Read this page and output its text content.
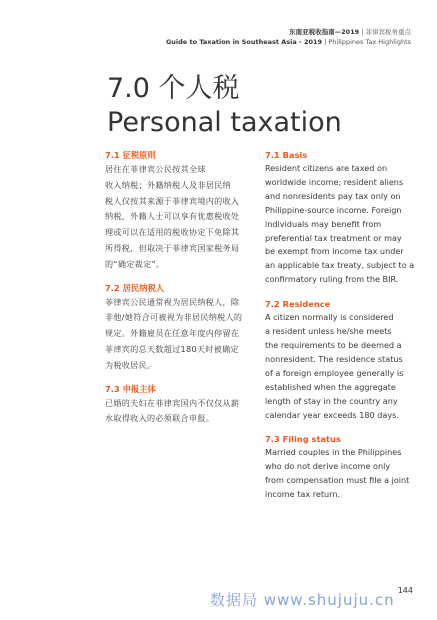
东南亚税收指南—2019 | 菲律宾税务重点
Guide to Taxation in Southeast Asia - 2019 | Philippines Tax Highlights
7.0 个人税
Personal taxation
7.1 征税原则
居住在菲律宾公民按其全球
收入纳税；外籍纳税人及非居民纳
税人仅按其来源于菲律宾境内的收入
纳税，外籍人士可以享有优惠税收处
理或可以在适用的税收协定下免除其
所得税，但取决于菲律宾国家税务局
的“确定裁定”。
7.2 居民纳税人
菲律宾公民通常视为居民纳税人，除
非他/她符合可被视为非居民纳税人的
规定。外籍雇员在任意年度内停留在
菲律宾的总天数超过180天时被确定
为税收居民。
7.3 申报主体
已婚的夫妇在菲律宾国内不仅仅从薪
水取得收入的必须联合申报。
7.1 Basis
Resident citizens are taxed on
worldwide income; resident aliens
and nonresidents pay tax only on
Philippine-source income. Foreign
individuals may benefit from
preferential tax treatment or may
be exempt from income tax under
an applicable tax treaty, subject to a
confirmatory ruling from the BIR.
7.2 Residence
A citizen normally is considered
a resident unless he/she meets
the requirements to be deemed a
nonresident. The residence status
of a foreign employee generally is
established when the aggregate
length of stay in the country any
calendar year exceeds 180 days.
7.3 Filing status
Married couples in the Philippines
who do not derive income only
from compensation must file a joint
income tax return.
数据局 www.shujuju.cn
144
